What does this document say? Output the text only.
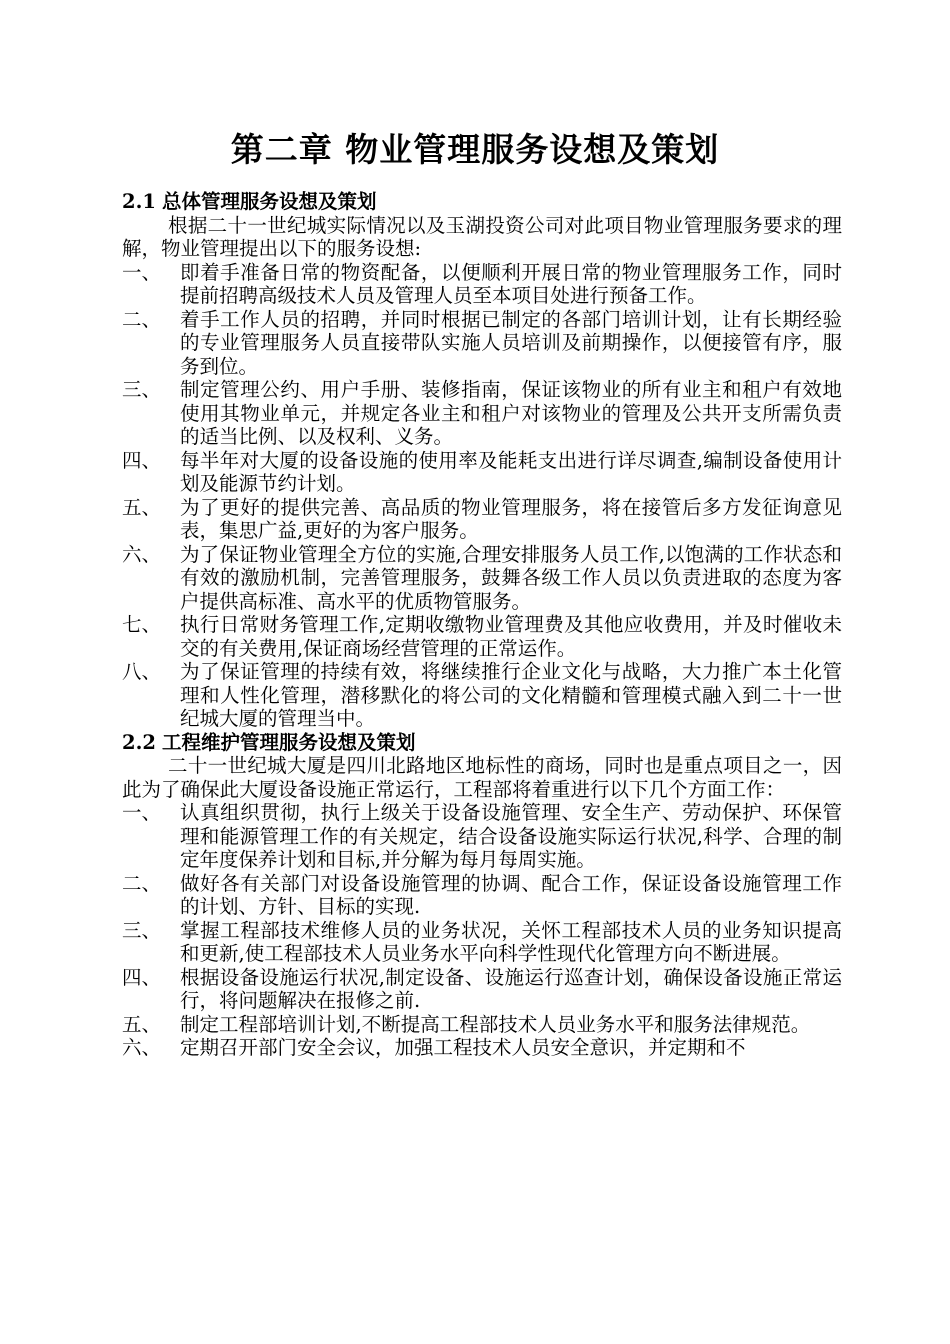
第二章 物业管理服务设想及策划
2.1 总体管理服务设想及策划
根据二十一世纪城实际情况以及玉湖投资公司对此项目物业管理服务要求的理解，物业管理提出以下的服务设想:
一、 即着手准备日常的物资配备，以便顺利开展日常的物业管理服务工作，同时提前招聘高级技术人员及管理人员至本项目处进行预备工作。
二、 着手工作人员的招聘，并同时根据已制定的各部门培训计划，让有长期经验的专业管理服务人员直接带队实施人员培训及前期操作，以便接管有序，服务到位。
三、 制定管理公约、用户手册、装修指南，保证该物业的所有业主和租户有效地使用其物业单元，并规定各业主和租户对该物业的管理及公共开支所需负责的适当比例、以及权利、义务。
四、 每半年对大厦的设备设施的使用率及能耗支出进行详尽调查,编制设备使用计划及能源节约计划。
五、 为了更好的提供完善、高品质的物业管理服务，将在接管后多方发征询意见表，集思广益,更好的为客户服务。
六、 为了保证物业管理全方位的实施,合理安排服务人员工作,以饱满的工作状态和有效的激励机制，完善管理服务，鼓舞各级工作人员以负责进取的态度为客户提供高标准、高水平的优质物管服务。
七、 执行日常财务管理工作,定期收缴物业管理费及其他应收费用，并及时催收未交的有关费用,保证商场经营管理的正常运作。
八、 为了保证管理的持续有效，将继续推行企业文化与战略，大力推广本土化管理和人性化管理，潜移默化的将公司的文化精髓和管理模式融入到二十一世纪城大厦的管理当中。
2.2 工程维护管理服务设想及策划
二十一世纪城大厦是四川北路地区地标性的商场，同时也是重点项目之一，因此为了确保此大厦设备设施正常运行，工程部将着重进行以下几个方面工作：
一、 认真组织贯彻，执行上级关于设备设施管理、安全生产、劳动保护、环保管理和能源管理工作的有关规定，结合设备设施实际运行状况,科学、合理的制定年度保养计划和目标,并分解为每月每周实施。
二、 做好各有关部门对设备设施管理的协调、配合工作，保证设备设施管理工作的计划、方针、目标的实现.
三、 掌握工程部技术维修人员的业务状况，关怀工程部技术人员的业务知识提高和更新,使工程部技术人员业务水平向科学性现代化管理方向不断进展。
四、 根据设备设施运行状况,制定设备、设施运行巡查计划，确保设备设施正常运行，将问题解决在报修之前.
五、 制定工程部培训计划,不断提高工程部技术人员业务水平和服务法律规范。
六、 定期召开部门安全会议，加强工程技术人员安全意识，并定期和不
